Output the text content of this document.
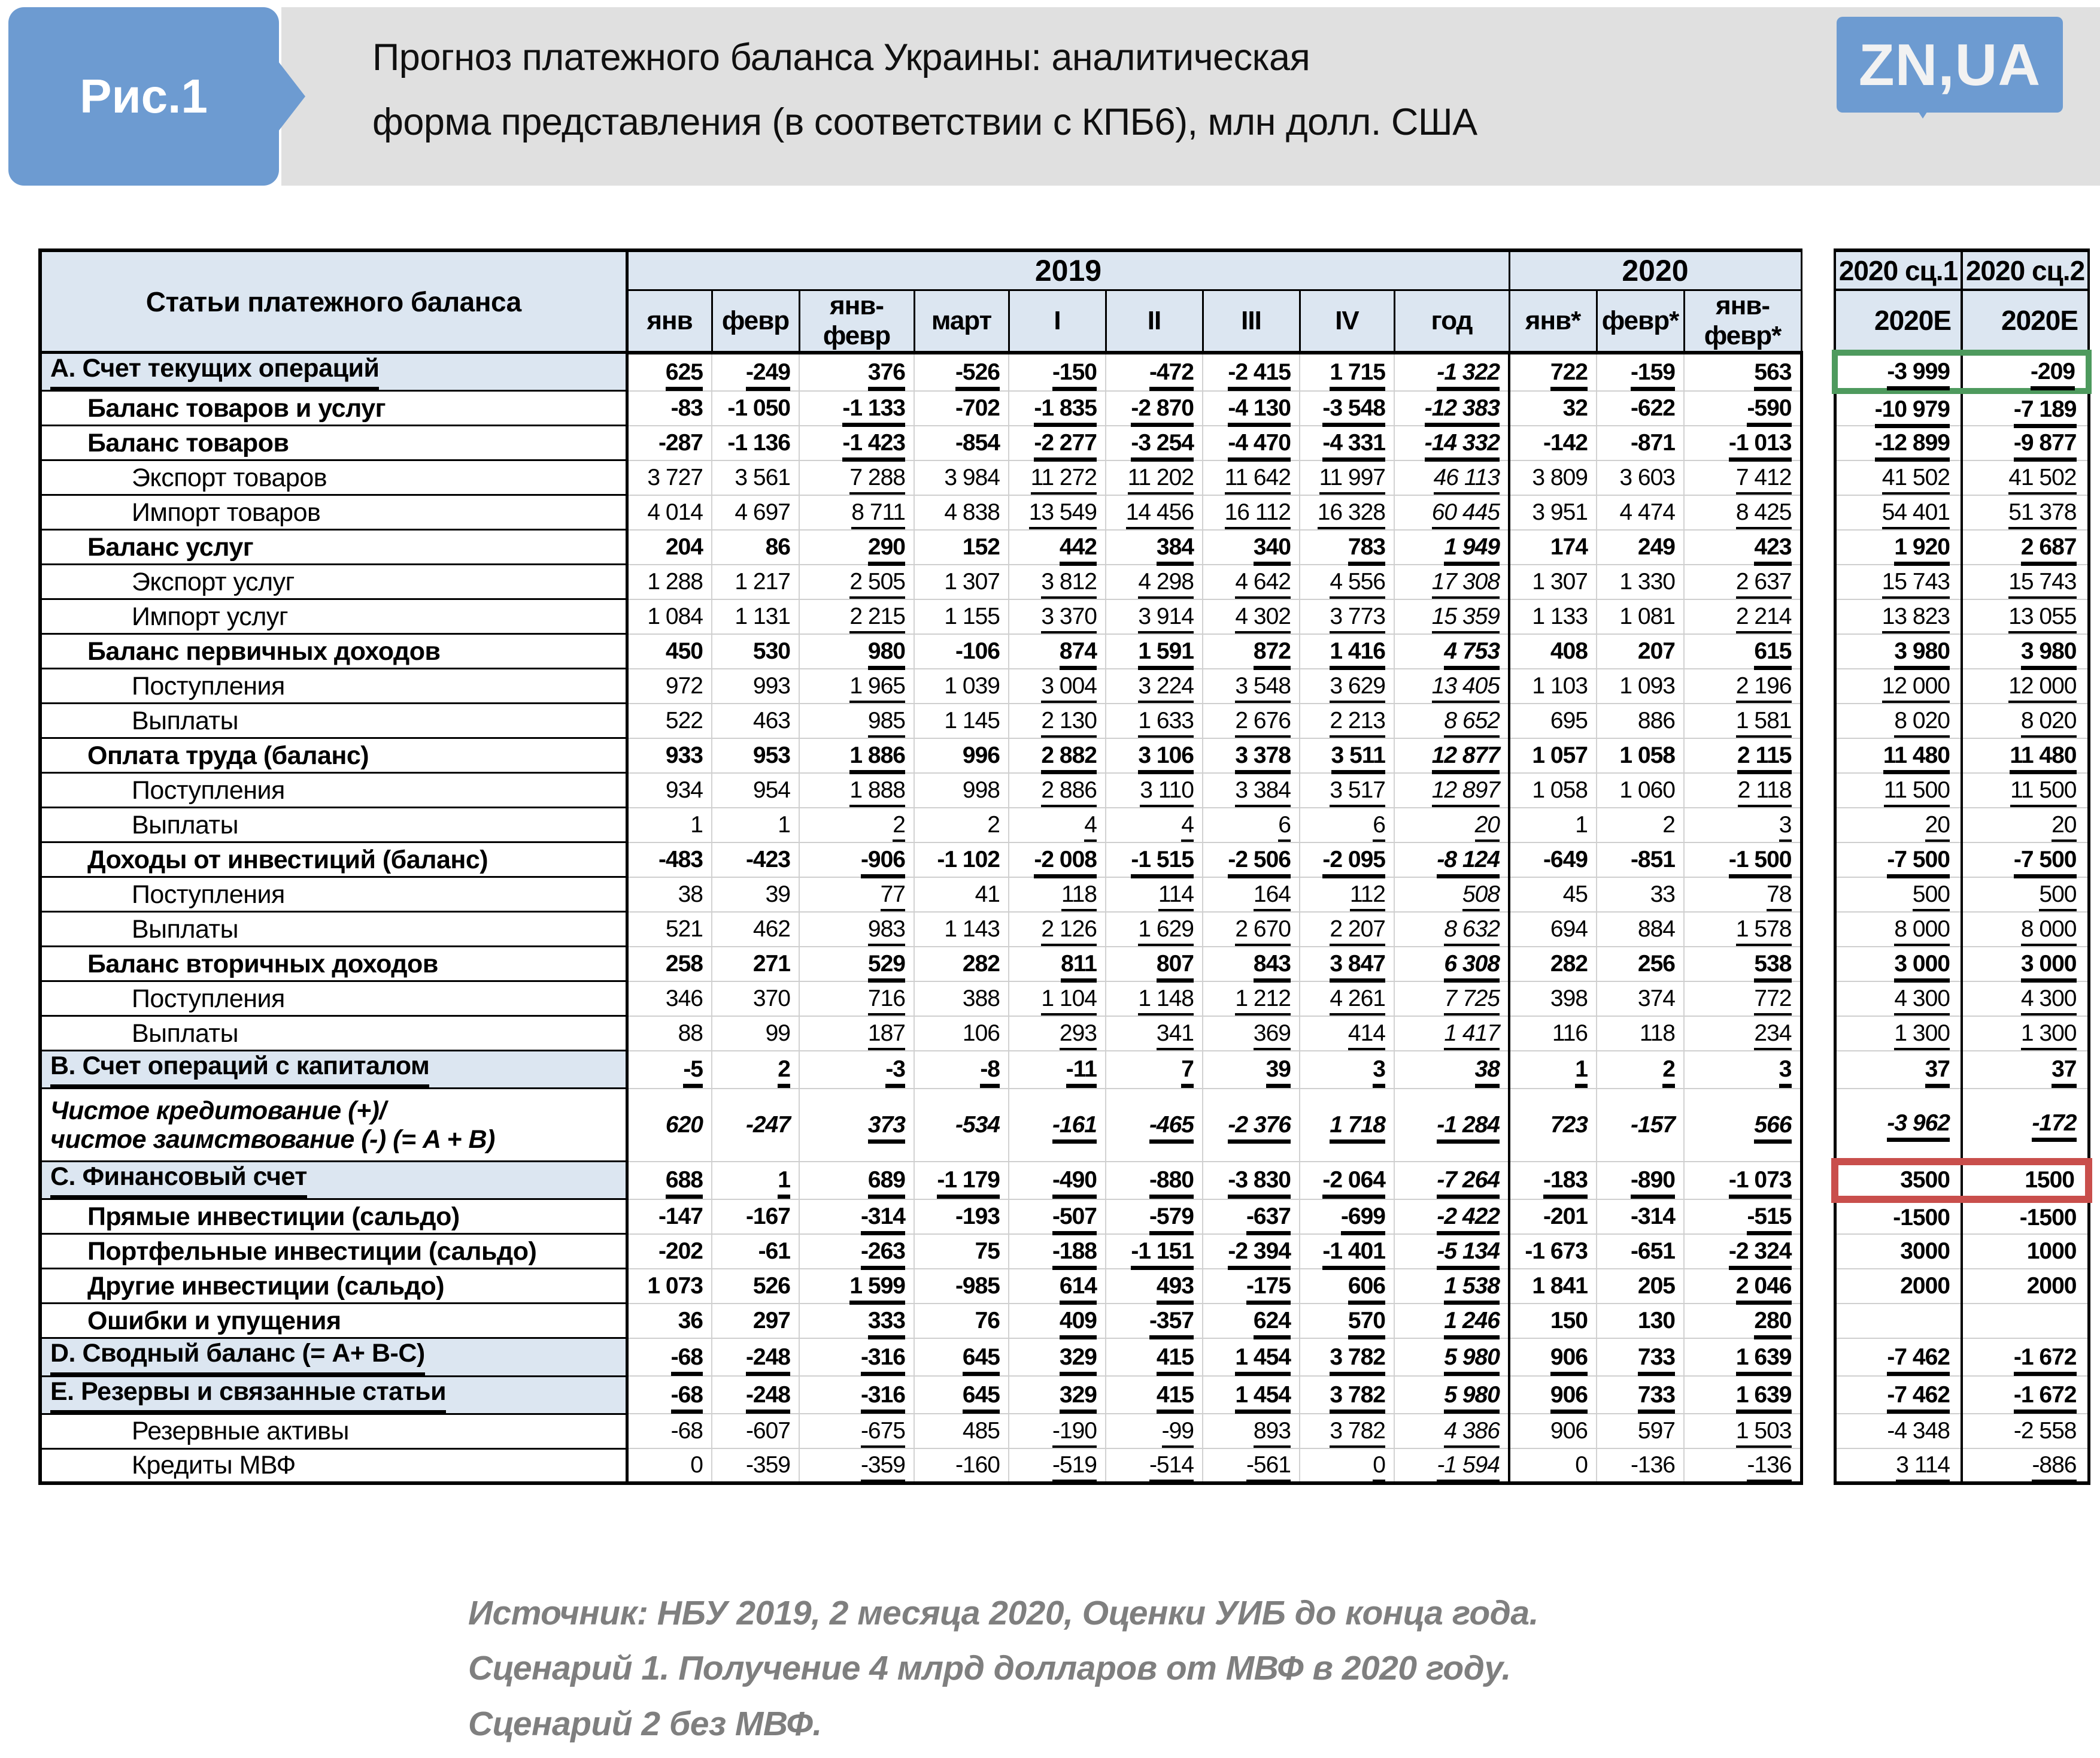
Рис.1
Прогноз платежного баланса Украины: аналитическая
форма представления (в соответствии с КПБ6), млн долл. США
ZN,UA
Статьи платежного баланса	2019									2020				2020 сц.1	2020 сц.2
	янв	февр	янв-февр	март	I	II	III	IV	год	янв*	февр*	янв-февр*		2020E	2020E
А. Счет текущих операций	625	-249	376	-526	-150	-472	-2 415	1 715	-1 322	722	-159	563		-3 999	-209
Баланс товаров и услуг	-83	-1 050	-1 133	-702	-1 835	-2 870	-4 130	-3 548	-12 383	32	-622	-590		-10 979	-7 189
Баланс товаров	-287	-1 136	-1 423	-854	-2 277	-3 254	-4 470	-4 331	-14 332	-142	-871	-1 013		-12 899	-9 877
Экспорт товаров	3 727	3 561	7 288	3 984	11 272	11 202	11 642	11 997	46 113	3 809	3 603	7 412		41 502	41 502
Импорт товаров	4 014	4 697	8 711	4 838	13 549	14 456	16 112	16 328	60 445	3 951	4 474	8 425		54 401	51 378
Баланс услуг	204	86	290	152	442	384	340	783	1 949	174	249	423		1 920	2 687
Экспорт услуг	1 288	1 217	2 505	1 307	3 812	4 298	4 642	4 556	17 308	1 307	1 330	2 637		15 743	15 743
Импорт услуг	1 084	1 131	2 215	1 155	3 370	3 914	4 302	3 773	15 359	1 133	1 081	2 214		13 823	13 055
Баланс первичных доходов	450	530	980	-106	874	1 591	872	1 416	4 753	408	207	615		3 980	3 980
Поступления	972	993	1 965	1 039	3 004	3 224	3 548	3 629	13 405	1 103	1 093	2 196		12 000	12 000
Выплаты	522	463	985	1 145	2 130	1 633	2 676	2 213	8 652	695	886	1 581		8 020	8 020
Оплата труда (баланс)	933	953	1 886	996	2 882	3 106	3 378	3 511	12 877	1 057	1 058	2 115		11 480	11 480
Поступления	934	954	1 888	998	2 886	3 110	3 384	3 517	12 897	1 058	1 060	2 118		11 500	11 500
Выплаты	1	1	2	2	4	4	6	6	20	1	2	3		20	20
Доходы от инвестиций (баланс)	-483	-423	-906	-1 102	-2 008	-1 515	-2 506	-2 095	-8 124	-649	-851	-1 500		-7 500	-7 500
Поступления	38	39	77	41	118	114	164	112	508	45	33	78		500	500
Выплаты	521	462	983	1 143	2 126	1 629	2 670	2 207	8 632	694	884	1 578		8 000	8 000
Баланс вторичных доходов	258	271	529	282	811	807	843	3 847	6 308	282	256	538		3 000	3 000
Поступления	346	370	716	388	1 104	1 148	1 212	4 261	7 725	398	374	772		4 300	4 300
Выплаты	88	99	187	106	293	341	369	414	1 417	116	118	234		1 300	1 300
В. Счет операций с капиталом	-5	2	-3	-8	-11	7	39	3	38	1	2	3		37	37
Чистое кредитование (+)/
чистое заимствование (-) (= A + B)	620	-247	373	-534	-161	-465	-2 376	1 718	-1 284	723	-157	566		-3 962	-172
С. Финансовый счет	688	1	689	-1 179	-490	-880	-3 830	-2 064	-7 264	-183	-890	-1 073		3500	1500
Прямые инвестиции (сальдо)	-147	-167	-314	-193	-507	-579	-637	-699	-2 422	-201	-314	-515		-1500	-1500
Портфельные инвестиции (сальдо)	-202	-61	-263	75	-188	-1 151	-2 394	-1 401	-5 134	-1 673	-651	-2 324		3000	1000
Другие инвестиции (сальдо)	1 073	526	1 599	-985	614	493	-175	606	1 538	1 841	205	2 046		2000	2000
Ошибки и упущения	36	297	333	76	409	-357	624	570	1 246	150	130	280			
D. Сводный баланс (= A+ B-C)	-68	-248	-316	645	329	415	1 454	3 782	5 980	906	733	1 639		-7 462	-1 672
Е. Резервы и связанные статьи	-68	-248	-316	645	329	415	1 454	3 782	5 980	906	733	1 639		-7 462	-1 672
Резервные активы	-68	-607	-675	485	-190	-99	893	3 782	4 386	906	597	1 503		-4 348	-2 558
Кредиты МВФ	0	-359	-359	-160	-519	-514	-561	0	-1 594	0	-136	-136		3 114	-886
Источник: НБУ 2019, 2 месяца 2020, Оценки УИБ до конца года.
Сценарий 1. Получение 4 млрд долларов от МВФ в 2020 году.
Сценарий 2 без МВФ.
